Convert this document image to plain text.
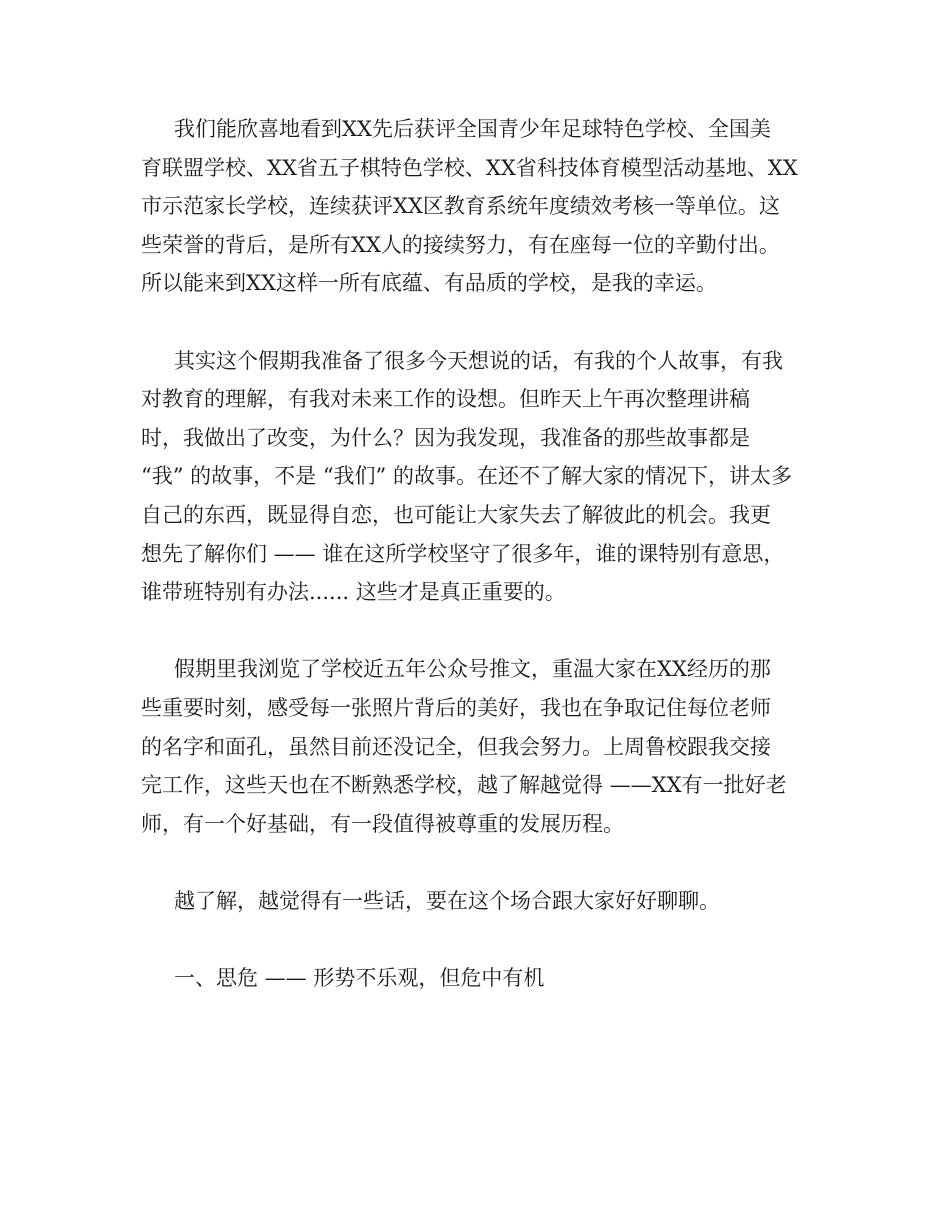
我们能欣喜地看到XX先后获评全国青少年足球特色学校、全国美
育联盟学校、XX省五子棋特色学校、XX省科技体育模型活动基地、XX
市示范家长学校，连续获评XX区教育系统年度绩效考核一等单位。这
些荣誉的背后，是所有XX人的接续努力，有在座每一位的辛勤付出。
所以能来到XX这样一所有底蕴、有品质的学校，是我的幸运。
其实这个假期我准备了很多今天想说的话，有我的个人故事，有我
对教育的理解，有我对未来工作的设想。但昨天上午再次整理讲稿
时，我做出了改变，为什么？因为我发现，我准备的那些故事都是
“我” 的故事，不是 “我们” 的故事。在还不了解大家的情况下，讲太多
自己的东西，既显得自恋，也可能让大家失去了解彼此的机会。我更
想先了解你们 —— 谁在这所学校坚守了很多年，谁的课特别有意思，
谁带班特别有办法...... 这些才是真正重要的。
假期里我浏览了学校近五年公众号推文，重温大家在XX经历的那
些重要时刻，感受每一张照片背后的美好，我也在争取记住每位老师
的名字和面孔，虽然目前还没记全，但我会努力。上周鲁校跟我交接
完工作，这些天也在不断熟悉学校，越了解越觉得 ——XX有一批好老
师，有一个好基础，有一段值得被尊重的发展历程。
越了解，越觉得有一些话，要在这个场合跟大家好好聊聊。
一、思危 —— 形势不乐观，但危中有机
